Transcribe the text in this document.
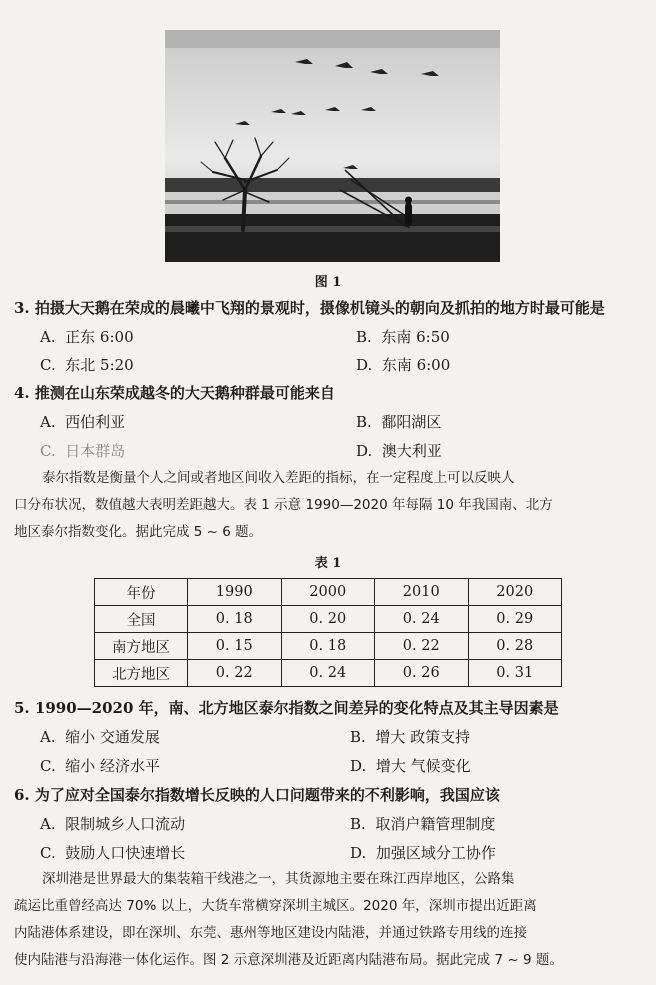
图 1
3. 拍摄大天鹅在荣成的晨曦中飞翔的景观时，摄像机镜头的朝向及抓拍的地方时最可能是
A. 正东 6:00	B. 东南 6:50
C. 东北 5:20	D. 东南 6:00
4. 推测在山东荣成越冬的大天鹅种群最可能来自
A. 西伯利亚	B. 鄱阳湖区
C. 日本群岛	D. 澳大利亚

泰尔指数是衡量个人之间或者地区间收入差距的指标，在一定程度上可以反映人

口分布状况，数值越大表明差距越大。表 1 示意 1990—2020 年每隔 10 年我国南、北方

地区泰尔指数变化。据此完成 5 ~ 6 题。

表 1
年份	1990	2000	2010	2020
全国	0. 18	0. 20	0. 24	0. 29
南方地区	0. 15	0. 18	0. 22	0. 28
北方地区	0. 22	0. 24	0. 26	0. 31
5. 1990—2020 年，南、北方地区泰尔指数之间差异的变化特点及其主导因素是
A. 缩小 交通发展	B. 增大 政策支持
C. 缩小 经济水平	D. 增大 气候变化
6. 为了应对全国泰尔指数增长反映的人口问题带来的不利影响，我国应该
A. 限制城乡人口流动	B. 取消户籍管理制度
C. 鼓励人口快速增长	D. 加强区域分工协作

深圳港是世界最大的集装箱干线港之一，其货源地主要在珠江西岸地区，公路集

疏运比重曾经高达 70% 以上，大货车常横穿深圳主城区。2020 年，深圳市提出近距离

内陆港体系建设，即在深圳、东莞、惠州等地区建设内陆港，并通过铁路专用线的连接

使内陆港与沿海港一体化运作。图 2 示意深圳港及近距离内陆港布局。据此完成 7 ~ 9 题。
